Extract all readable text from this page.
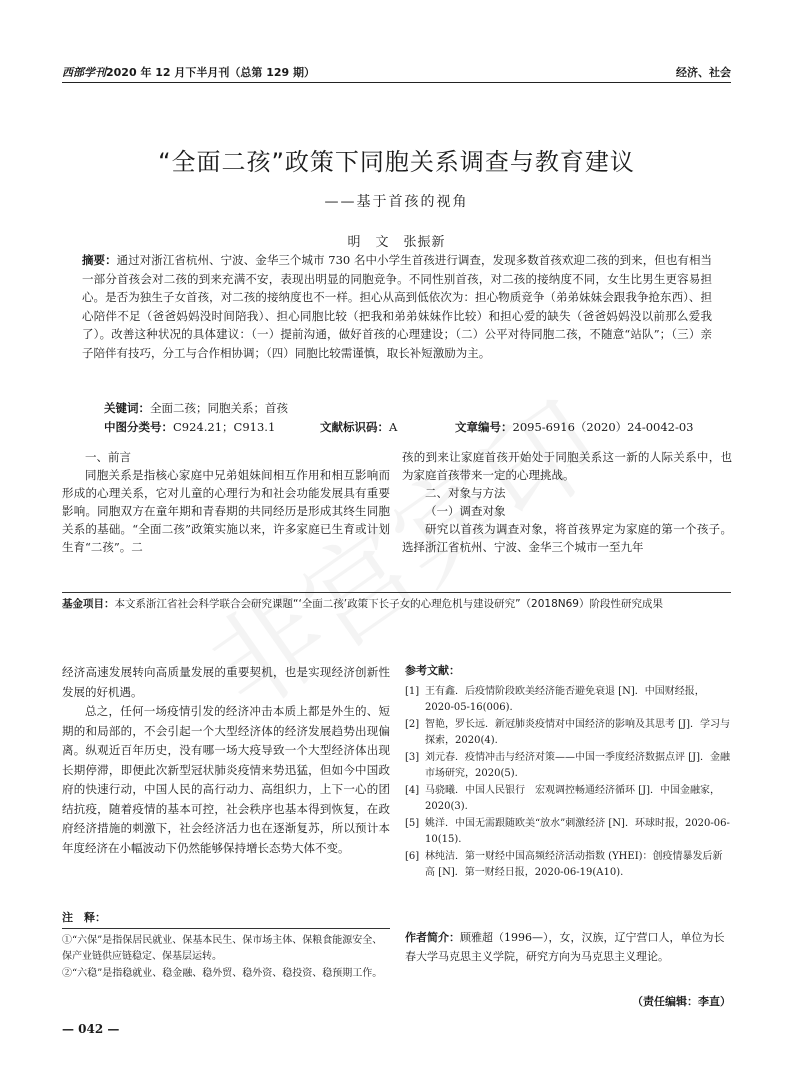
西部学刊2020 年 12 月下半月刊（总第 129 期）	经济、社会
“全面二孩”政策下同胞关系调查与教育建议
——基于首孩的视角
明　文　张振新
摘要：通过对浙江省杭州、宁波、金华三个城市 730 名中小学生首孩进行调查，发现多数首孩欢迎二孩的到来，但也有相当一部分首孩会对二孩的到来充满不安，表现出明显的同胞竞争。不同性别首孩，对二孩的接纳度不同，女生比男生更容易担心。是否为独生子女首孩，对二孩的接纳度也不一样。担心从高到低依次为：担心物质竞争（弟弟妹妹会跟我争抢东西）、担心陪伴不足（爸爸妈妈没时间陪我）、担心同胞比较（把我和弟弟妹妹作比较）和担心爱的缺失（爸爸妈妈没以前那么爱我了）。改善这种状况的具体建议：（一）提前沟通，做好首孩的心理建设；（二）公平对待同胞二孩，不随意“站队”；（三）亲子陪伴有技巧，分工与合作相协调；（四）同胞比较需谨慎，取长补短激励为主。
关键词：全面二孩；同胞关系；首孩
中图分类号：C924.21；C913.1	文献标识码：A	文章编号：2095-6916（2020）24-0042-03

一、前言

同胞关系是指核心家庭中兄弟姐妹间相互作用和相互影响而形成的心理关系，它对儿童的心理行为和社会功能发展具有重要影响。同胞双方在童年期和青春期的共同经历是形成其终生同胞关系的基础。“全面二孩”政策实施以来，许多家庭已生育或计划生育“二孩”。二

孩的到来让家庭首孩开始处于同胞关系这一新的人际关系中，也为家庭首孩带来一定的心理挑战。

二、对象与方法

（一）调查对象

研究以首孩为调查对象，将首孩界定为家庭的第一个孩子。选择浙江省杭州、宁波、金华三个城市一至九年

基金项目：本文系浙江省社会科学联合会研究课题“‘全面二孩’政策下长子女的心理危机与建设研究”（2018N69）阶段性研究成果

经济高速发展转向高质量发展的重要契机，也是实现经济创新性发展的好机遇。

总之，任何一场疫情引发的经济冲击本质上都是外生的、短期的和局部的，不会引起一个大型经济体的经济发展趋势出现偏离。纵观近百年历史，没有哪一场大疫导致一个大型经济体出现长期停滞，即便此次新型冠状肺炎疫情来势迅猛，但如今中国政府的快速行动，中国人民的高行动力、高组织力，上下一心的团结抗疫，随着疫情的基本可控，社会秩序也基本得到恢复，在政府经济措施的刺激下，社会经济活力也在逐渐复苏，所以预计本年度经济在小幅波动下仍然能够保持增长态势大体不变。

参考文献：
[1] 王有鑫．后疫情阶段欧美经济能否避免衰退 [N]．中国财经报，2020-05-16(006).
[2] 智艳，罗长远．新冠肺炎疫情对中国经济的影响及其思考 [J]．学习与探索，2020(4).
[3] 刘元春．疫情冲击与经济对策——中国一季度经济数据点评 [J]．金融市场研究，2020(5).
[4] 马骁曦．中国人民银行　宏观调控畅通经济循环 [J]．中国金融家，2020(3).
[5] 姚洋．中国无需跟随欧美“放水”刺激经济 [N]．环球时报，2020-06-10(15).
[6] 林纯洁．第一财经中国高频经济活动指数 (YHEI)：创疫情暴发后新高 [N]．第一财经日报，2020-06-19(A10).
注　释：
①“六保”是指保居民就业、保基本民生、保市场主体、保粮食能源安全、保产业链供应链稳定、保基层运转。
②“六稳”是指稳就业、稳金融、稳外贸、稳外资、稳投资、稳预期工作。
作者简介：顾雅超（1996—），女，汉族，辽宁营口人，单位为长春大学马克思主义学院，研究方向为马克思主义理论。
（责任编辑：李直）
— 042 —
